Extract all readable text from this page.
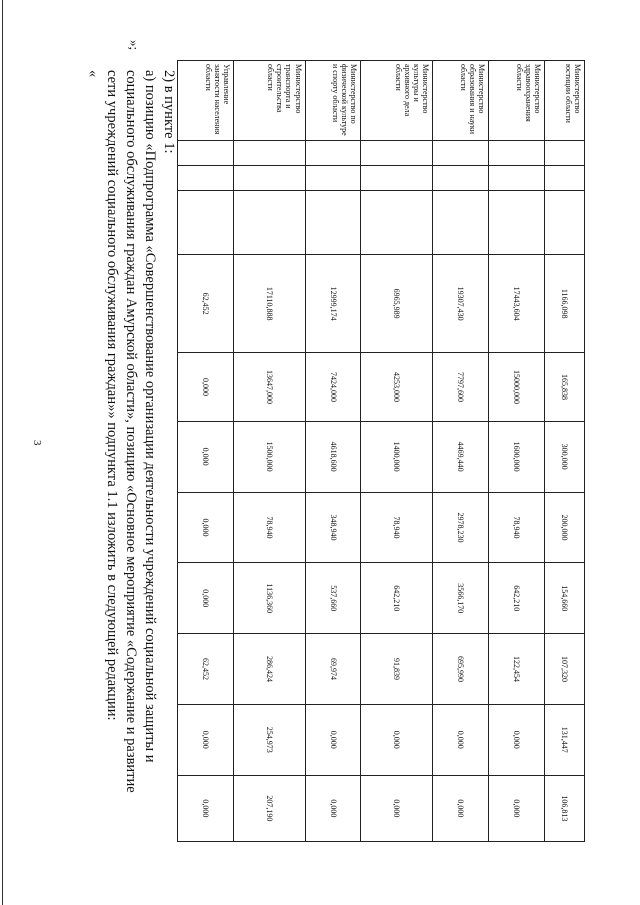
3
Министерство юстиции области				1166,098	165,838	300,000	200,000	154,660	107,320	131,447	106,813
Министерство здравоохранения области				17443,604	15000,000	1600,000	78,940	642,210	122,454	0,000	0,000
Министерство образования и науки области				19307,430	7797,600	4469,440	2978,230	3566,170	695,990	0,000	0,000
Министерство культуры и архивного дела области				6965,989	4253,000	1400,000	78,940	642,210	91,839	0,000	0,000
Министерство по физической культуре и спорту области				12999,174	7424,000	4618,600	348,940	537,660	69,974	0,000	0,000
Министерство транспорта и строительства области				17110,888	13647,000	1500,000	78,940	1136,360	286,424	254,973	207,190
Управление занятости населения области				62,452	0,000	0,000	0,000	0,000	62,452	0,000	0,000
»;
2) в пункте 1:
а) позицию «Подпрограмма «Совершенствование организации деятельности учреждений социальной защиты и
социального обслуживания граждан Амурской области», позицию «Основное мероприятие «Содержание и развитие
сети учреждений социального обслуживания граждан»» подпункта 1.1 изложить в следующей редакции:
«
